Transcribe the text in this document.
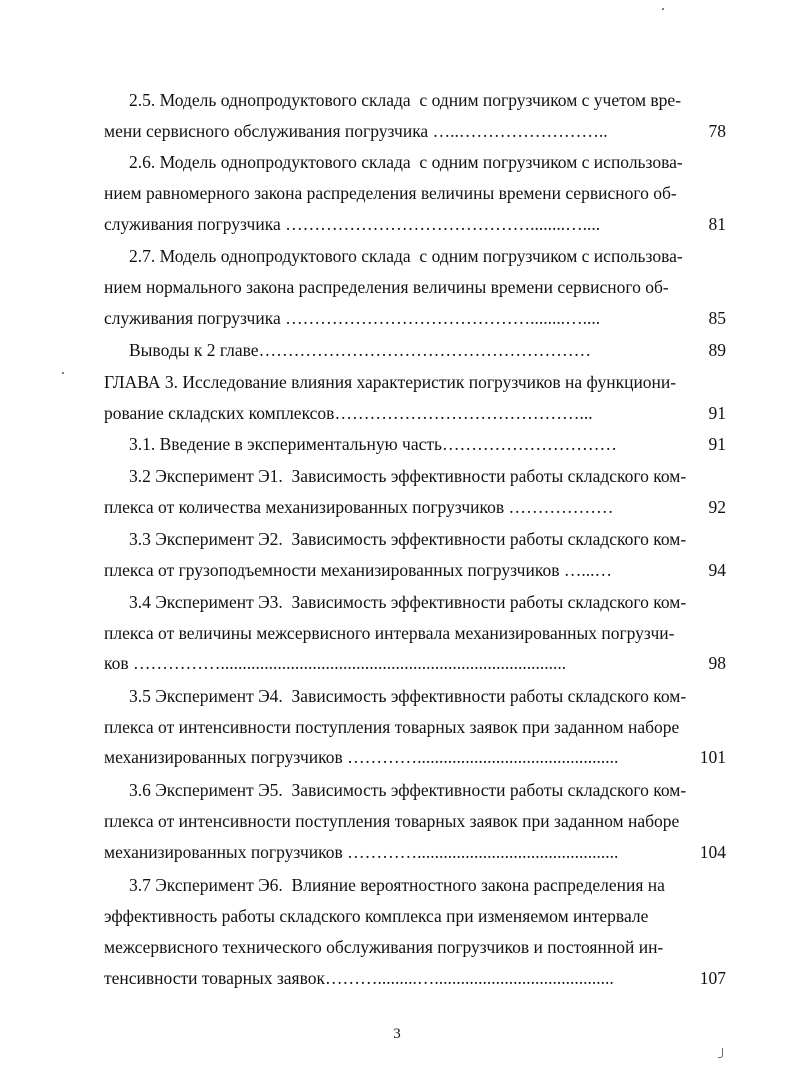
2.5. Модель однопродуктового склада  с одним погрузчиком с учетом вре-
мени сервисного обслуживания погрузчика …..……………………..	78
2.6. Модель однопродуктового склада  с одним погрузчиком с использова-
нием равномерного закона распределения величины времени сервисного об-
служивания погрузчика ……………………………………........…....	81
2.7. Модель однопродуктового склада  с одним погрузчиком с использова-
нием нормального закона распределения величины времени сервисного об-
служивания погрузчика ……………………………………........…....	85
Выводы к 2 главе …………………………………………………	89
ГЛАВА 3. Исследование влияния характеристик погрузчиков на функциони-
рование складских комплексов ……………………………………...	91
3.1. Введение в экспериментальную часть …………………………	91
3.2 Эксперимент Э1.  Зависимость эффективности работы складского ком-
плекса от количества механизированных погрузчиков ………………	92
3.3 Эксперимент Э2.  Зависимость эффективности работы складского ком-
плекса от грузоподъемности механизированных погрузчиков …...…	94
3.4 Эксперимент Э3.  Зависимость эффективности работы складского ком-
плекса от величины межсервисного интервала механизированных погрузчи-
ков ……………...............................................................................	98
3.5 Эксперимент Э4.  Зависимость эффективности работы складского ком-
плекса от интенсивности поступления товарных заявок при заданном наборе
механизированных погрузчиков …………..............................................	101
3.6 Эксперимент Э5.  Зависимость эффективности работы складского ком-
плекса от интенсивности поступления товарных заявок при заданном наборе
механизированных погрузчиков …………..............................................	104
3.7 Эксперимент Э6.  Влияние вероятностного закона распределения на
эффективность работы складского комплекса при изменяемом интервале
межсервисного технического обслуживания погрузчиков и постоянной ин-
тенсивности товарных заявок ……….........….........................................	107
3
